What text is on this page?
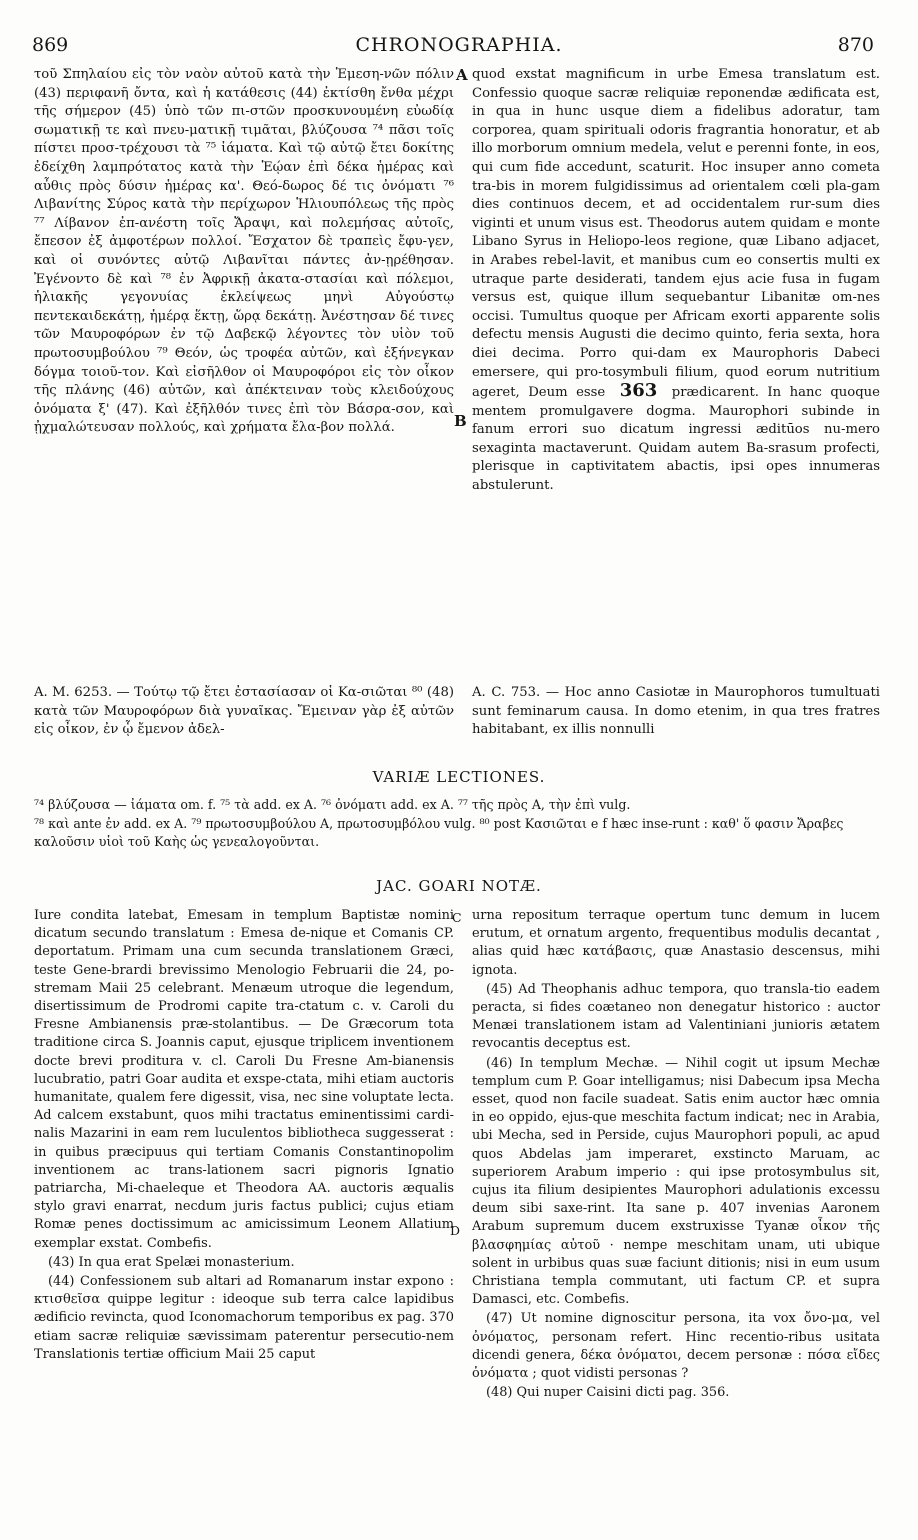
869	CHRONOGRAPHIA.	870

τοῦ Σπηλαίου εἰς τὸν ναὸν αὐτοῦ κατὰ τὴν Ἐμεση-νῶν πόλιν (43) περιφανῆ ὄντα, καὶ ἡ κατάθεσις (44) ἐκτίσθη ἔνθα μέχρι τῆς σήμερον (45) ὑπὸ τῶν πι-στῶν προσκυνουμένη εὐωδίᾳ σωματικῇ τε καὶ πνευ-ματικῇ τιμᾶται, βλύζουσα ⁷⁴ πᾶσι τοῖς πίστει προσ-τρέχουσι τὰ ⁷⁵ ἰάματα. Καὶ τῷ αὐτῷ ἔτει δοκίτης ἐδείχθη λαμπρότατος κατὰ τὴν Ἑῴαν ἐπὶ δέκα ἡμέρας καὶ αὖθις πρὸς δύσιν ἡμέρας κα'. Θεό-δωρος δέ τις ὀνόματι ⁷⁶ Λιβανίτης Σύρος κατὰ τὴν περίχωρον Ἡλιουπόλεως τῆς πρὸς ⁷⁷ Λίβανον ἐπ-ανέστη τοῖς Ἄραψι, καὶ πολεμήσας αὐτοῖς, ἔπεσον ἐξ ἀμφοτέρων πολλοί. Ἔσχατον δὲ τραπεὶς ἔφυ-γεν, καὶ οἱ συνόντες αὐτῷ Λιβανῖται πάντες ἀν-ῃρέθησαν. Ἐγένοντο δὲ καὶ ⁷⁸ ἐν Ἀφρικῇ ἀκατα-στασίαι καὶ πόλεμοι, ἡλιακῆς γεγονυίας ἐκλείψεως μηνὶ Αὐγούστῳ πεντεκαιδεκάτῃ, ἡμέρᾳ ἕκτῃ, ὥρᾳ δεκάτῃ. Ἀνέστησαν δέ τινες τῶν Μαυροφόρων ἐν τῷ Δαβεκῷ λέγοντες τὸν υἱὸν τοῦ πρωτοσυμβούλου ⁷⁹ Θεόν, ὡς τροφέα αὐτῶν, καὶ ἐξήνεγκαν δόγμα τοιοῦ-τον. Καὶ εἰσῆλθον οἱ Μαυροφόροι εἰς τὸν οἶκον τῆς πλάνης (46) αὐτῶν, καὶ ἀπέκτειναν τοὺς κλειδούχους ὀνόματα ξ' (47). Καὶ ἐξῆλθόν τινες ἐπὶ τὸν Βάσρα-σον, καὶ ᾐχμαλώτευσαν πολλούς, καὶ χρήματα ἔλα-βον πολλά.

A
B

quod exstat magnificum in urbe Emesa translatum est. Confessio quoque sacræ reliquiæ reponendæ ædificata est, in qua in hunc usque diem a fidelibus adoratur, tam corporea, quam spirituali odoris fragrantia honoratur, et ab illo morborum omnium medela, velut e perenni fonte, in eos, qui cum fide accedunt, scaturit. Hoc insuper anno cometa tra-bis in morem fulgidissimus ad orientalem cœli pla-gam dies continuos decem, et ad occidentalem rur-sum dies viginti et unum visus est. Theodorus autem quidam e monte Libano Syrus in Heliopo-leos regione, quæ Libano adjacet, in Arabes rebel-lavit, et manibus cum eo consertis multi ex utraque parte desiderati, tandem ejus acie fusa in fugam versus est, quique illum sequebantur Libanitæ om-nes occisi. Tumultus quoque per Africam exorti apparente solis defectu mensis Augusti die decimo quinto, feria sexta, hora diei decima. Porro qui-dam ex Maurophoris Dabeci emersere, qui pro-tosymbuli filium, quod eorum nutritium ageret, Deum esse 363 prædicarent. In hanc quoque mentem promulgavere dogma. Maurophori subinde in fanum errori suo dicatum ingressi æditūos nu-mero sexaginta mactaverunt. Quidam autem Ba-srasum profecti, plerisque in captivitatem abactis, ipsi opes innumeras abstulerunt.

A. M. 6253. — Τούτῳ τῷ ἔτει ἐστασίασαν οἱ Κα-σιῶται ⁸⁰ (48) κατὰ τῶν Μαυροφόρων διὰ γυναῖκας. Ἔμειναν γὰρ ἐξ αὐτῶν εἰς οἶκον, ἐν ᾧ ἔμενον ἀδελ-

A. C. 753. — Hoc anno Casiotæ in Maurophoros tumultuati sunt feminarum causa. In domo etenim, in qua tres fratres habitabant, ex illis nonnulli

VARIÆ LECTIONES.

⁷⁴ βλύζουσα — ἰάματα om. f. ⁷⁵ τὰ add. ex A. ⁷⁶ ὀνόματι add. ex A. ⁷⁷ τῆς πρὸς A, τὴν ἐπὶ vulg.

⁷⁸ καὶ ante ἐν add. ex A. ⁷⁹ πρωτοσυμβούλου A, πρωτοσυμβόλου vulg. ⁸⁰ post Κασιῶται e f hæc inse-runt : καθ' ὅ φασιν Ἄραβες καλοῦσιν υἱοὶ τοῦ Καὴς ὡς γενεαλογοῦνται.

JAC. GOARI NOTÆ.

Iure condita latebat, Emesam in templum Baptistæ nomini dicatum secundo translatum : Emesa de-nique et Comanis CP. deportatum. Primam una cum secunda translationem Græci, teste Gene-brardi brevissimo Menologio Februarii die 24, po-stremam Maii 25 celebrant. Menæum utroque die legendum, disertissimum de Prodromi capite tra-ctatum c. v. Caroli du Fresne Ambianensis præ-stolantibus. — De Græcorum tota traditione circa S. Joannis caput, ejusque triplicem inventionem docte brevi proditura v. cl. Caroli Du Fresne Am-bianensis lucubratio, patri Goar audita et exspe-ctata, mihi etiam auctoris humanitate, qualem fere digessit, visa, nec sine voluptate lecta. Ad calcem exstabunt, quos mihi tractatus eminentissimi cardi-nalis Mazarini in eam rem luculentos bibliotheca suggesserat : in quibus præcipuus qui tertiam Comanis Constantinopolim inventionem ac trans-lationem sacri pignoris Ignatio patriarcha, Mi-chaeleque et Theodora AA. auctoris æqualis stylo gravi enarrat, necdum juris factus publici; cujus etiam Romæ penes doctissimum ac amicissimum Leonem Allatium exemplar exstat. Combefis.

(43) In qua erat Spelæi monasterium.

(44) Confessionem sub altari ad Romanarum instar expono : κτισθεῖσα quippe legitur : ideoque sub terra calce lapidibus ædificio revincta, quod Iconomachorum temporibus ex pag. 370 etiam sacræ reliquiæ sævissimam paterentur persecutio-nem Translationis tertiæ officium Maii 25 caput

C
D

urna repositum terraque opertum tunc demum in lucem erutum, et ornatum argento, frequentibus modulis decantat , alias quid hæc κατάβασις, quæ Anastasio descensus, mihi ignota.

(45) Ad Theophanis adhuc tempora, quo transla-tio eadem peracta, si fides coætaneo non denegatur historico : auctor Menæi translationem istam ad Valentiniani junioris ætatem revocantis deceptus est.

(46) In templum Mechæ. — Nihil cogit ut ipsum Mechæ templum cum P. Goar intelligamus; nisi Dabecum ipsa Mecha esset, quod non facile suadeat. Satis enim auctor hæc omnia in eo oppido, ejus-que meschita factum indicat; nec in Arabia, ubi Mecha, sed in Perside, cujus Maurophori populi, ac apud quos Abdelas jam imperaret, exstincto Maruam, ac superiorem Arabum imperio : qui ipse protosymbulus sit, cujus ita filium desipientes Maurophori adulationis excessu deum sibi saxe-rint. Ita sane p. 407 invenias Aaronem Arabum supremum ducem exstruxisse Tyanæ οἶκον τῆς βλασφημίας αὐτοῦ · nempe meschitam unam, uti ubique solent in urbibus quas suæ faciunt ditionis; nisi in eum usum Christiana templa commutant, uti factum CP. et supra Damasci, etc. Combefis.

(47) Ut nomine dignoscitur persona, ita vox ὄνο-μα, vel ὀνόματος, personam refert. Hinc recentio-ribus usitata dicendi genera, δέκα ὀνόματοι, decem personæ : πόσα εἴδες ὀνόματα ; quot vidisti personas ?

(48) Qui nuper Caisini dicti pag. 356.
